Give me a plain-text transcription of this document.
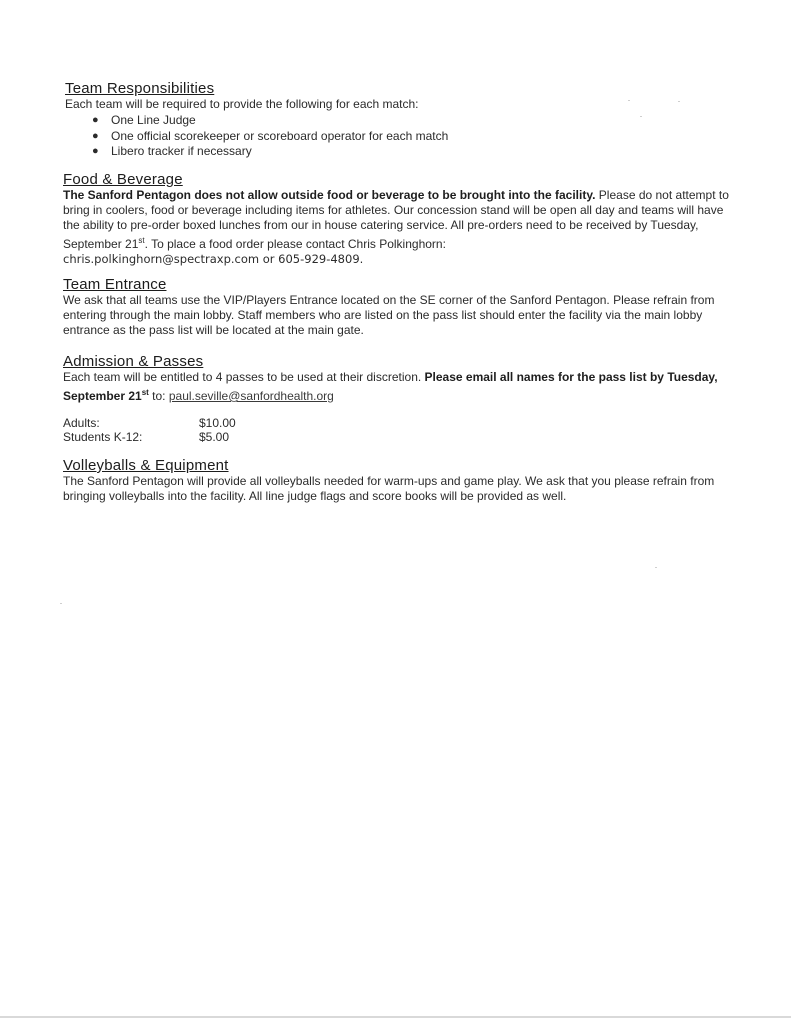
Team Responsibilities

Each team will be required to provide the following for each match:

● One Line Judge
● One official scorekeeper or scoreboard operator for each match
● Libero tracker if necessary
Food & Beverage

The Sanford Pentagon does not allow outside food or beverage to be brought into the facility. Please do not attempt to bring in coolers, food or beverage including items for athletes. Our concession stand will be open all day and teams will have the ability to pre-order boxed lunches from our in house catering service. All pre-orders need to be received by Tuesday, September 21st. To place a food order please contact Chris Polkinghorn:

chris.polkinghorn@spectraxp.com or 605-929-4809.

Team Entrance

We ask that all teams use the VIP/Players Entrance located on the SE corner of the Sanford Pentagon. Please refrain from entering through the main lobby. Staff members who are listed on the pass list should enter the facility via the main lobby entrance as the pass list will be located at the main gate.

Admission & Passes

Each team will be entitled to 4 passes to be used at their discretion. Please email all names for the pass list by Tuesday, September 21st to: paul.seville@sanfordhealth.org

Adults:	$10.00
Students K-12:	$5.00
Volleyballs & Equipment

The Sanford Pentagon will provide all volleyballs needed for warm-ups and game play. We ask that you please refrain from bringing volleyballs into the facility. All line judge flags and score books will be provided as well.
